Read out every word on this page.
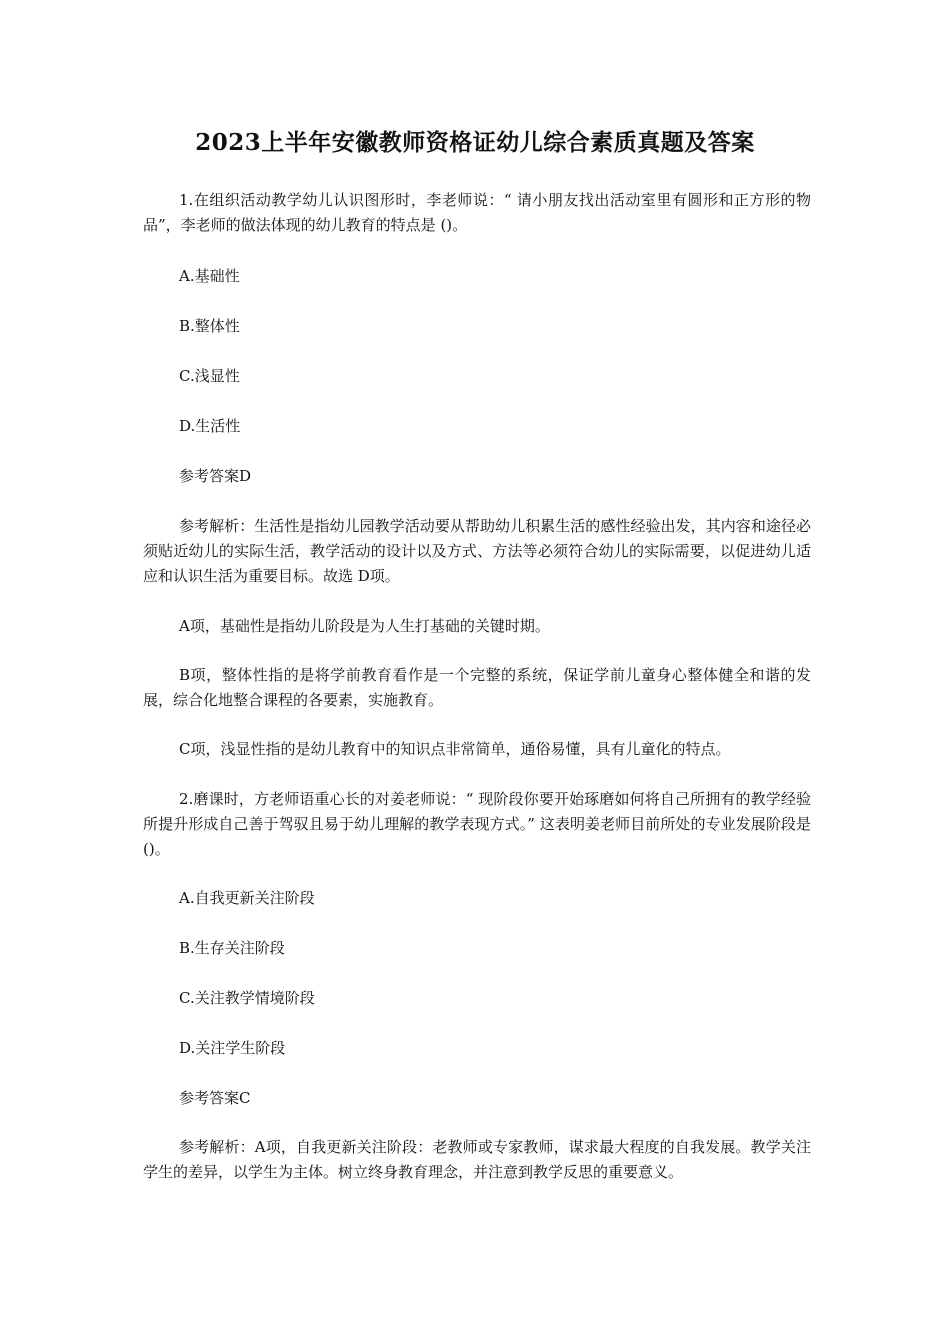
2023上半年安徽教师资格证幼儿综合素质真题及答案

1.在组织活动教学幼儿认识图形时，李老师说：“ 请小朋友找出活动室里有圆形和正方形的物品”，李老师的做法体现的幼儿教育的特点是 ()。

A.基础性

B.整体性

C.浅显性

D.生活性

参考答案D

参考解析：生活性是指幼儿园教学活动要从帮助幼儿积累生活的感性经验出发，其内容和途径必须贴近幼儿的实际生活，教学活动的设计以及方式、方法等必须符合幼儿的实际需要，以促进幼儿适应和认识生活为重要目标。故选 D项。

A项，基础性是指幼儿阶段是为人生打基础的关键时期。

B项，整体性指的是将学前教育看作是一个完整的系统，保证学前儿童身心整体健全和谐的发展，综合化地整合课程的各要素，实施教育。

C项，浅显性指的是幼儿教育中的知识点非常简单，通俗易懂，具有儿童化的特点。

2.磨课时，方老师语重心长的对姜老师说：“ 现阶段你要开始琢磨如何将自己所拥有的教学经验所提升形成自己善于驾驭且易于幼儿理解的教学表现方式。” 这表明姜老师目前所处的专业发展阶段是()。

A.自我更新关注阶段

B.生存关注阶段

C.关注教学情境阶段

D.关注学生阶段

参考答案C

参考解析：A项，自我更新关注阶段：老教师或专家教师，谋求最大程度的自我发展。教学关注学生的差异，以学生为主体。树立终身教育理念，并注意到教学反思的重要意义。
